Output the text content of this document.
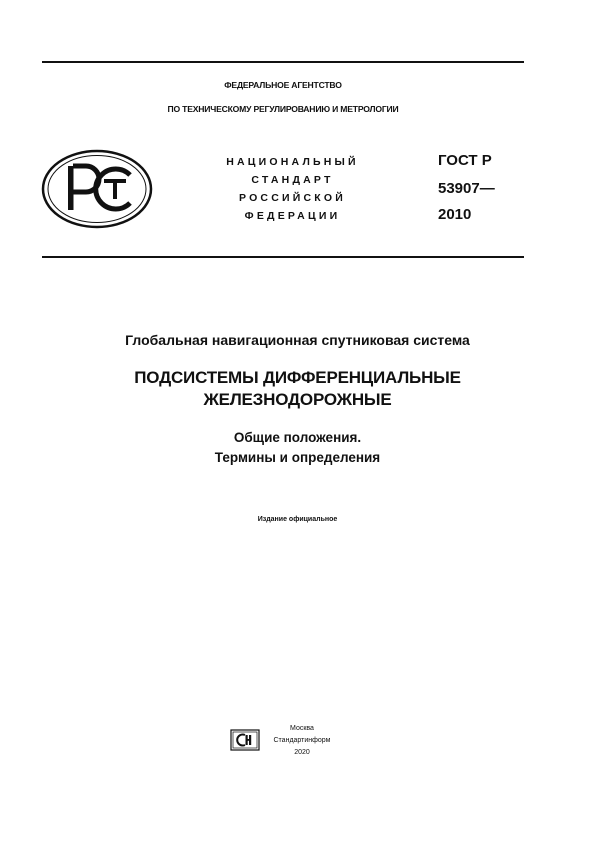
ФЕДЕРАЛЬНОЕ АГЕНТСТВО
ПО ТЕХНИЧЕСКОМУ РЕГУЛИРОВАНИЮ И МЕТРОЛОГИИ
НАЦИОНАЛЬНЫЙ
СТАНДАРТ
РОССИЙСКОЙ
ФЕДЕРАЦИИ
ГОСТ Р
53907—
2010
Глобальная навигационная спутниковая система
ПОДСИСТЕМЫ ДИФФЕРЕНЦИАЛЬНЫЕ
ЖЕЛЕЗНОДОРОЖНЫЕ
Общие положения.
Термины и определения
Издание официальное
Москва
Стандартинформ
2020
